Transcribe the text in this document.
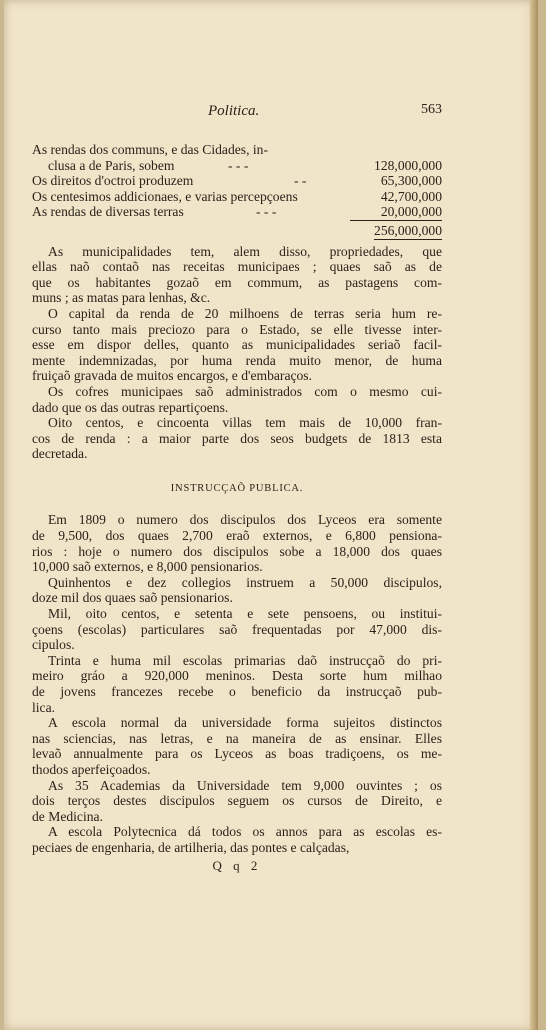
Politica.	563
As rendas dos communs, e das Cidades, in-
clusa a de Paris, sobem	- - -	128,000,000
Os direitos d'octroi produzem	- -	65,300,000
Os centesimos addicionaes, e varias percepçoens	42,700,000
As rendas de diversas terras	- - -	20,000,000
256,000,000

As municipalidades tem, alem disso, propriedades, que
ellas naõ contaõ nas receitas municipaes ; quaes saõ as de
que os habitantes gozaõ em commum, as pastagens com-
muns ; as matas para lenhas, &c.

O capital da renda de 20 milhoens de terras seria hum re-
curso tanto mais preciozo para o Estado, se elle tivesse inter-
esse em dispor delles, quanto as municipalidades seriaõ facil-
mente indemnizadas, por huma renda muito menor, de huma
fruiçaõ gravada de muitos encargos, e d'embaraços.

Os cofres municipaes saõ administrados com o mesmo cui-
dado que os das outras repartiçoens.

Oito centos, e cincoenta villas tem mais de 10,000 fran-
cos de renda : a maior parte dos seos budgets de 1813 esta
decretada.

INSTRUCÇAÕ PUBLICA.

Em 1809 o numero dos discipulos dos Lyceos era somente
de 9,500, dos quaes 2,700 eraõ externos, e 6,800 pensiona-
rios : hoje o numero dos discipulos sobe a 18,000 dos quaes
10,000 saõ externos, e 8,000 pensionarios.

Quinhentos e dez collegios instruem a 50,000 discipulos,
doze mil dos quaes saõ pensionarios.

Mil, oito centos, e setenta e sete pensoens, ou institui-
çoens (escolas) particulares saõ frequentadas por 47,000 dis-
cipulos.

Trinta e huma mil escolas primarias daõ instrucçaõ do pri-
meiro gráo a 920,000 meninos. Desta sorte hum milhao
de jovens francezes recebe o beneficio da instrucçaõ pub-
lica.

A escola normal da universidade forma sujeitos distinctos
nas sciencias, nas letras, e na maneira de as ensinar. Elles
levaõ annualmente para os Lyceos as boas tradiçoens, os me-
thodos aperfeiçoados.

As 35 Academias da Universidade tem 9,000 ouvintes ; os
dois terços destes discipulos seguem os cursos de Direito, e
de Medicina.

A escola Polytecnica dá todos os annos para as escolas es-
peciaes de engenharia, de artilheria, das pontes e calçadas,

Q q 2
